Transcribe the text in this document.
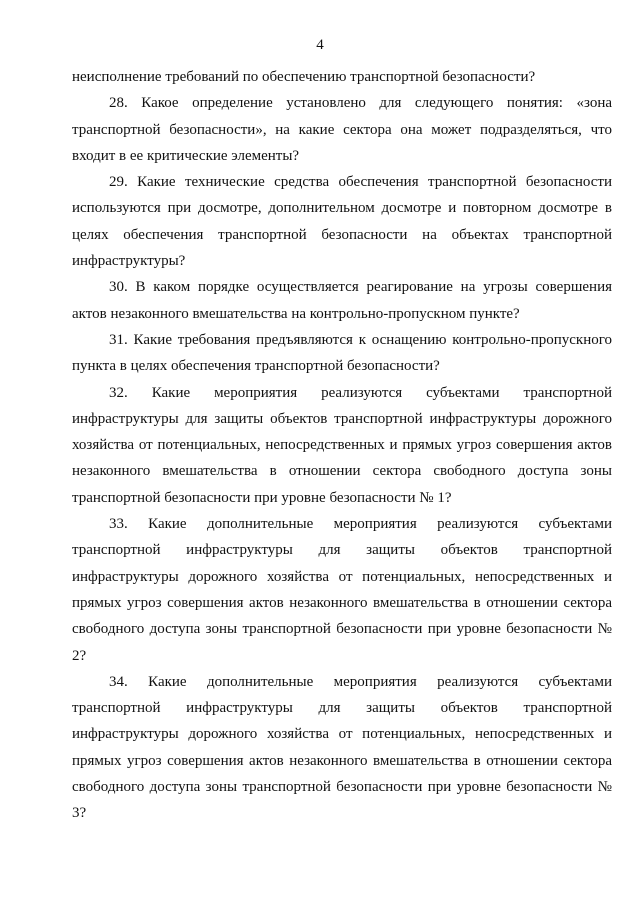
4

неисполнение требований по обеспечению транспортной безопасности?

28. Какое определение установлено для следующего понятия: «зона транспортной безопасности», на какие сектора она может подразделяться, что входит в ее критические элементы?

29. Какие технические средства обеспечения транспортной безопасности используются при досмотре, дополнительном досмотре и повторном досмотре в целях обеспечения транспортной безопасности на объектах транспортной инфраструктуры?

30. В каком порядке осуществляется реагирование на угрозы совершения актов незаконного вмешательства на контрольно-пропускном пункте?

31. Какие требования предъявляются к оснащению контрольно-пропускного пункта в целях обеспечения транспортной безопасности?

32. Какие мероприятия реализуются субъектами транспортной инфраструктуры для защиты объектов транспортной инфраструктуры дорожного хозяйства от потенциальных, непосредственных и прямых угроз совершения актов незаконного вмешательства в отношении сектора свободного доступа зоны транспортной безопасности при уровне безопасности № 1?

33. Какие дополнительные мероприятия реализуются субъектами транспортной инфраструктуры для защиты объектов транспортной инфраструктуры дорожного хозяйства от потенциальных, непосредственных и прямых угроз совершения актов незаконного вмешательства в отношении сектора свободного доступа зоны транспортной безопасности при уровне безопасности № 2?

34. Какие дополнительные мероприятия реализуются субъектами транспортной инфраструктуры для защиты объектов транспортной инфраструктуры дорожного хозяйства от потенциальных, непосредственных и прямых угроз совершения актов незаконного вмешательства в отношении сектора свободного доступа зоны транспортной безопасности при уровне безопасности № 3?
